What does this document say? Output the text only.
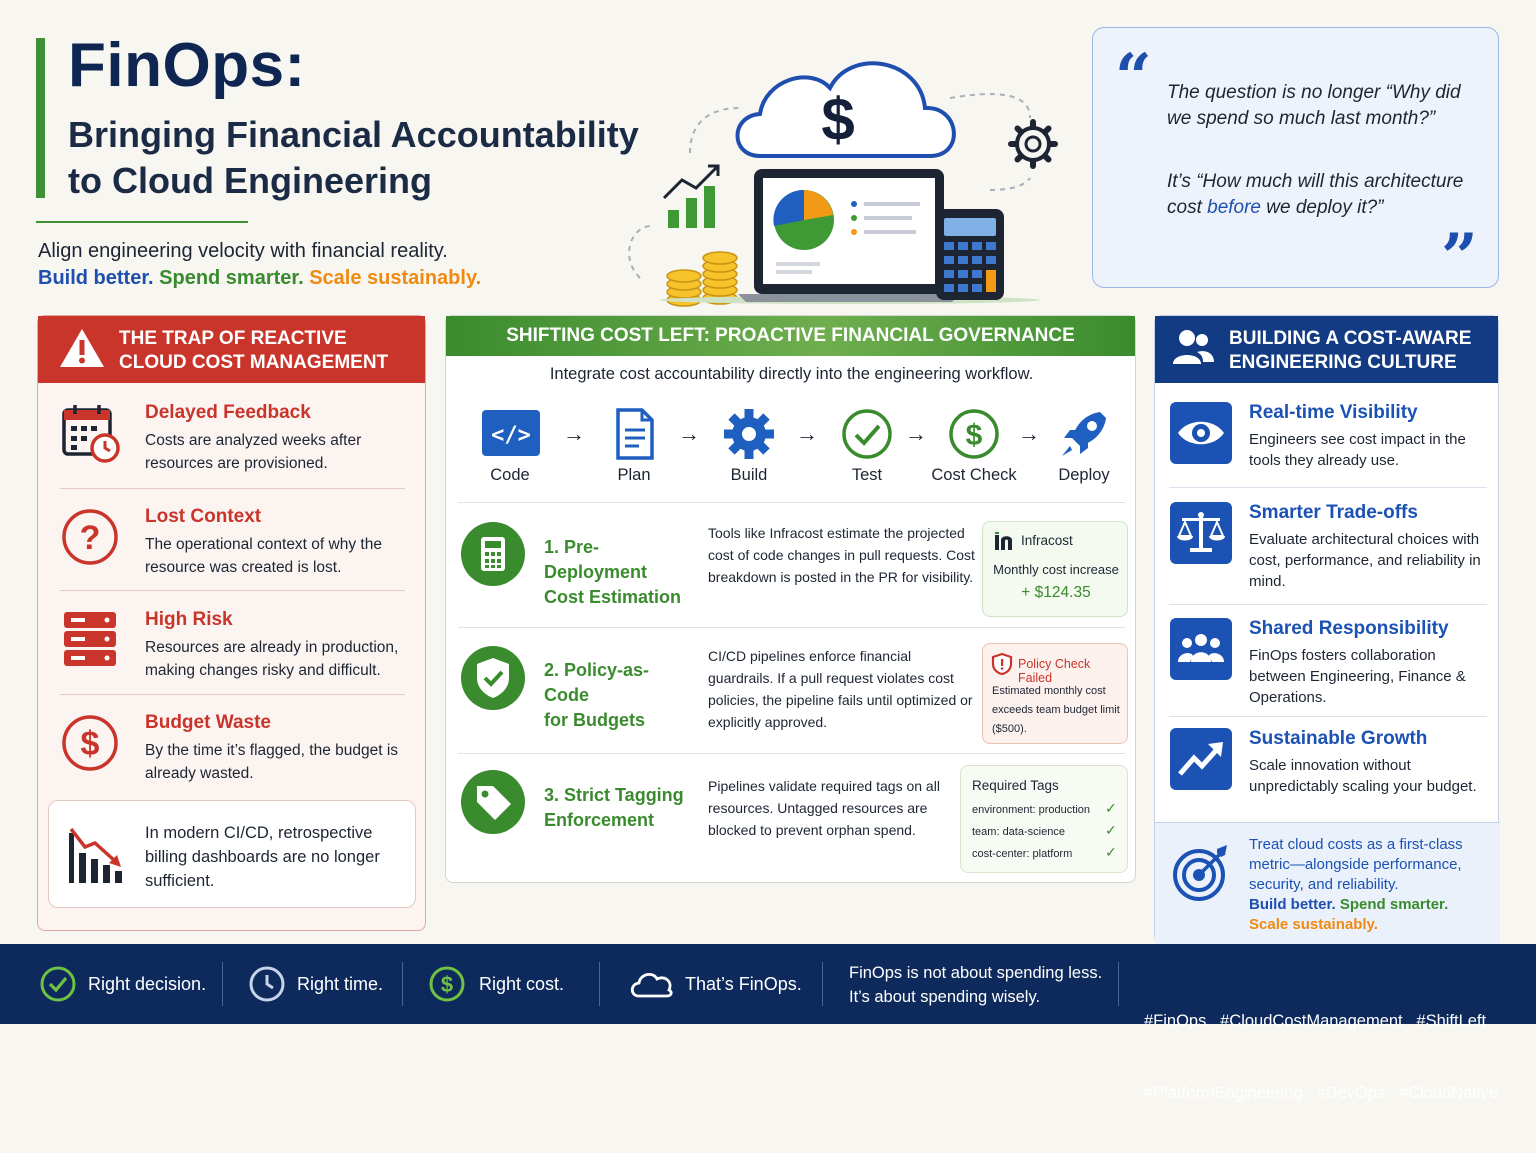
FinOps:
Bringing Financial Accountability
to Cloud Engineering
Align engineering velocity with financial reality.
Build better. Spend smarter. Scale sustainably.
$
“ The question is no longer “Why did we spend so much last month?”
It’s “How much will this architecture cost before we deploy it?”
”
THE TRAP OF REACTIVE
CLOUD COST MANAGEMENT
Delayed Feedback
Costs are analyzed weeks after resources are provisioned.
?
Lost Context
The operational context of why the resource was created is lost.
High Risk
Resources are already in production, making changes risky and difficult.
$
Budget Waste
By the time it’s flagged, the budget is already wasted.
In modern CI/CD, retrospective billing dashboards are no longer sufficient.
SHIFTING COST LEFT: PROACTIVE FINANCIAL GOVERNANCE
Integrate cost accountability directly into the engineering workflow.
</>
Code
→
Plan
→
Build
→
Test
→ $
Cost Check
→
Deploy
1. Pre-Deployment
Cost Estimation
Tools like Infracost estimate the projected cost of code changes in pull requests. Cost breakdown is posted in the PR for visibility.
Infracost
Monthly cost increase
+ $124.35
2. Policy-as-Code
for Budgets
CI/CD pipelines enforce financial guardrails. If a pull request violates cost policies, the pipeline fails until optimized or explicitly approved.
Policy Check Failed
Estimated monthly cost exceeds team budget limit ($500).
3. Strict Tagging
Enforcement
Pipelines validate required tags on all resources. Untagged resources are blocked to prevent orphan spend.
Required Tags
environment: production ✓
team: data-science	✓
cost-center: platform ✓
BUILDING A COST-AWARE
ENGINEERING CULTURE
Real-time Visibility
Engineers see cost impact in the tools they already use.
Smarter Trade-offs
Evaluate architectural choices with cost, performance, and reliability in mind.
Shared Responsibility
FinOps fosters collaboration between Engineering, Finance & Operations.
Sustainable Growth
Scale innovation without unpredictably scaling your budget.
Treat cloud costs as a first-class metric—alongside performance, security, and reliability.
Build better. Spend smarter. Scale sustainably.
Right decision.	Right time.	$ Right cost.	That’s FinOps.
FinOps is not about spending less.
It’s about spending wisely.

#FinOps   #CloudCostManagement   #ShiftLeft

#PlatformEngineering   #DevOps   #CloudNative
